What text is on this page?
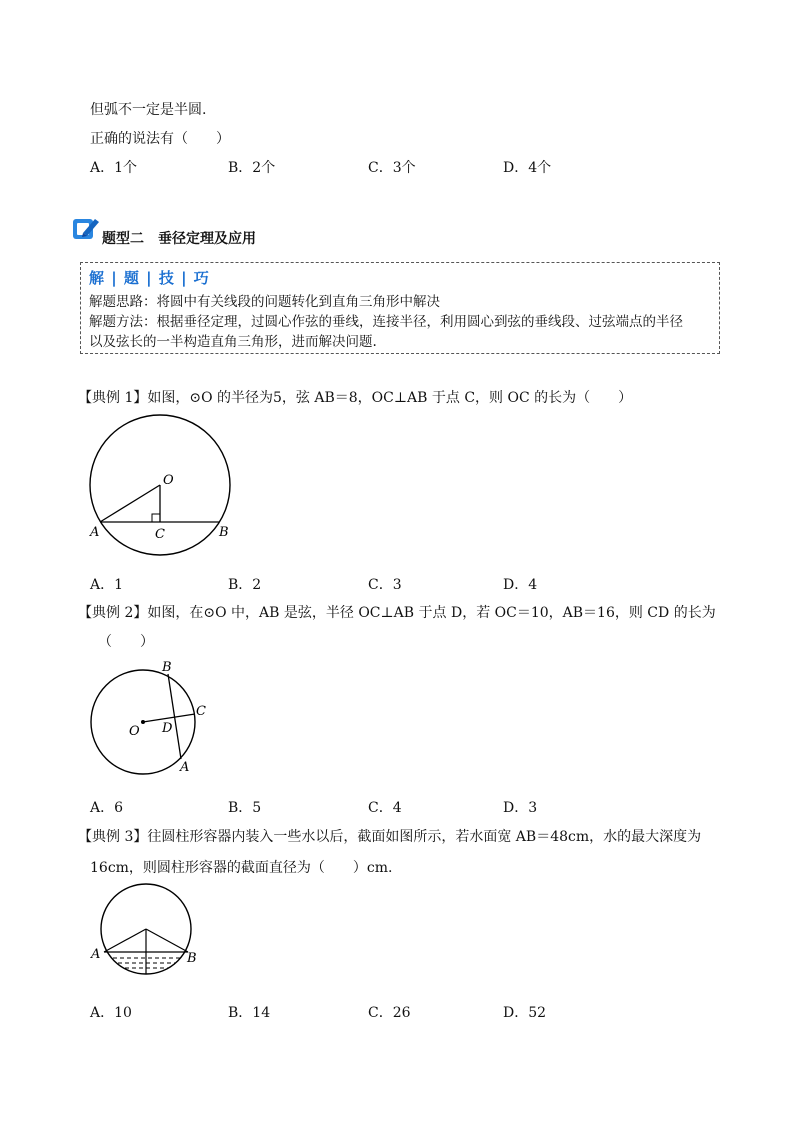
但弧不一定是半圆.
正确的说法有（　　）
A．1个	B．2个	C．3个	D．4个
题型二　垂径定理及应用
解 | 题 | 技 | 巧
解题思路：将圆中有关线段的问题转化到直角三角形中解决
解题方法：根据垂径定理，过圆心作弦的垂线，连接半径，利用圆心到弦的垂线段、过弦端点的半径
以及弦长的一半构造直角三角形，进而解决问题.
【典例 1】如图，⊙O 的半径为5，弦 AB＝8，OC⊥AB 于点 C，则 OC 的长为（　　）
O
A	B
C
A．1	B．2	C．3	D．4
【典例 2】如图，在⊙O 中，AB 是弦，半径 OC⊥AB 于点 D，若 OC＝10，AB＝16，则 CD 的长为
（　　）
O
B
C
D
A
A．6	B．5	C．4	D．3
【典例 3】往圆柱形容器内装入一些水以后，截面如图所示，若水面宽 AB＝48cm，水的最大深度为
16cm，则圆柱形容器的截面直径为（　　）cm.
A	B
A．10	B．14	C．26	D．52
